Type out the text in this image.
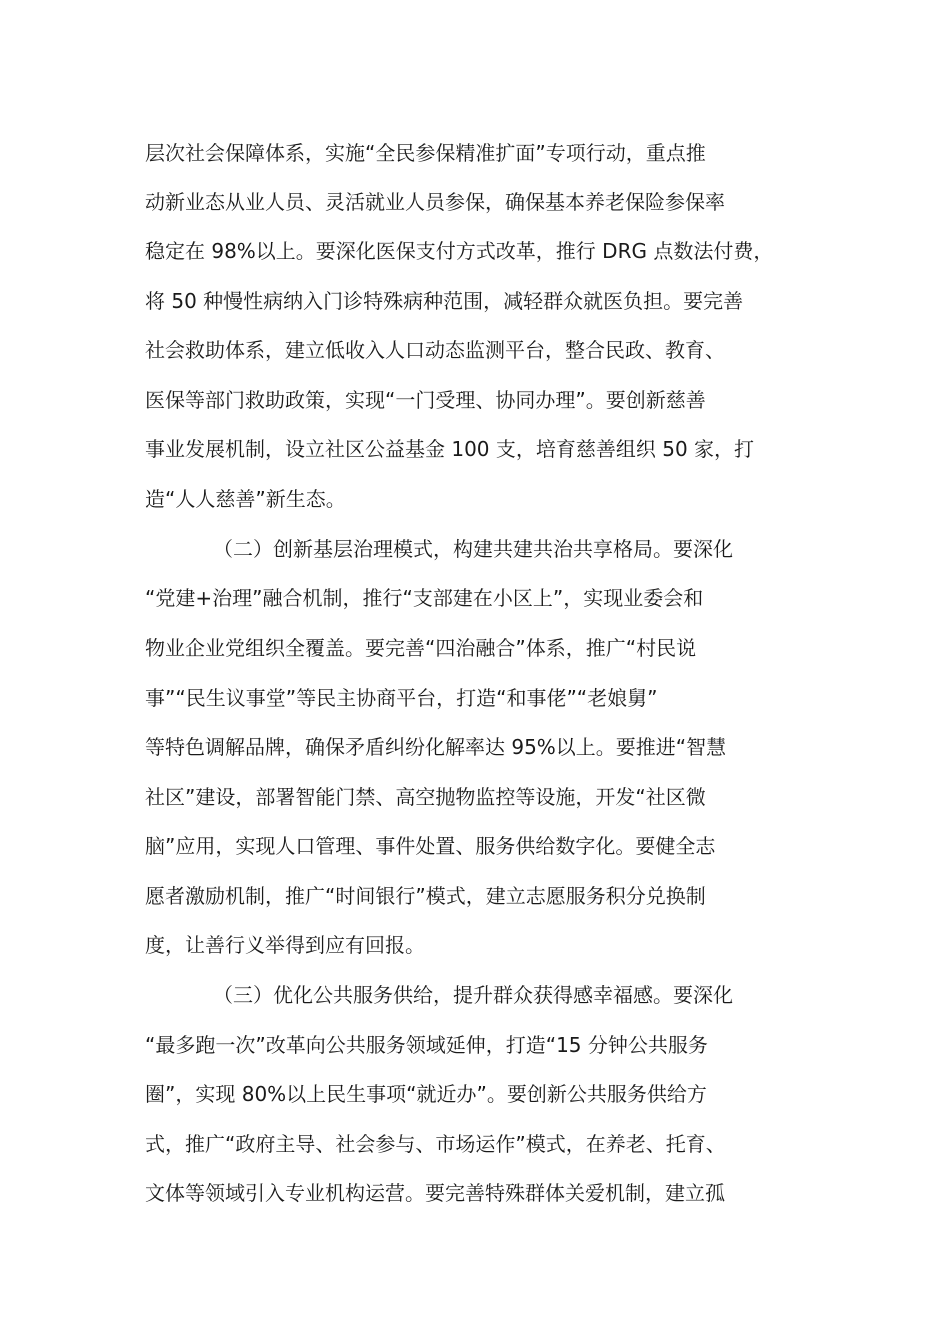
层次社会保障体系，实施“全民参保精准扩面”专项行动，重点推
动新业态从业人员、灵活就业人员参保，确保基本养老保险参保率
稳定在 98%以上。要深化医保支付方式改革，推行 DRG 点数法付费，
将 50 种慢性病纳入门诊特殊病种范围，减轻群众就医负担。要完善
社会救助体系，建立低收入人口动态监测平台，整合民政、教育、
医保等部门救助政策，实现“一门受理、协同办理”。要创新慈善
事业发展机制，设立社区公益基金 100 支，培育慈善组织 50 家，打
造“人人慈善”新生态。
（二）创新基层治理模式，构建共建共治共享格局。要深化
“党建+治理”融合机制，推行“支部建在小区上”，实现业委会和
物业企业党组织全覆盖。要完善“四治融合”体系，推广“村民说
事”“民生议事堂”等民主协商平台，打造“和事佬”“老娘舅”
等特色调解品牌，确保矛盾纠纷化解率达 95%以上。要推进“智慧
社区”建设，部署智能门禁、高空抛物监控等设施，开发“社区微
脑”应用，实现人口管理、事件处置、服务供给数字化。要健全志
愿者激励机制，推广“时间银行”模式，建立志愿服务积分兑换制
度，让善行义举得到应有回报。
（三）优化公共服务供给，提升群众获得感幸福感。要深化
“最多跑一次”改革向公共服务领域延伸，打造“15 分钟公共服务
圈”，实现 80%以上民生事项“就近办”。要创新公共服务供给方
式，推广“政府主导、社会参与、市场运作”模式，在养老、托育、
文体等领域引入专业机构运营。要完善特殊群体关爱机制，建立孤
